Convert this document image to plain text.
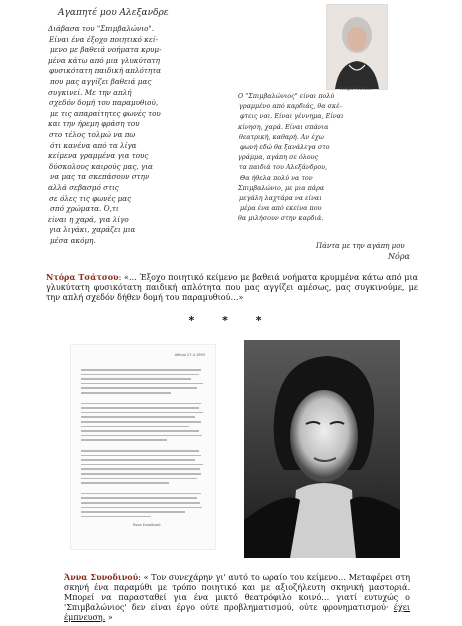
Αγαπητέ μου Αλεξανδρε
Διάβασα του "Σπιμβαλώνιο".
Είναι ένα έξοχο ποιητικό κεί-
μενο με βαθειά νοήματα κρυμ-
μένα κάτω από μια γλυκύτατη
φυσικότατη παιδική απλότητα
που μας αγγίζει βαθειά μας
συγκινεί. Με την απλή
σχεδόν δομή του παραμυθιού,
με τις απαραίτητες φωνές του
και την ήρεμη φράση του
στο τέλος τολμώ να πω
ότι κανένα από τα λίγα
κείμενα γραμμένα για τους
δύσκολους καιρούς μας, για
να μας τα σκεπάσουν στην
αλλά σεβασμό στις
σε όλες τις φωνές μας
σπό χρώματα. Ό,τι
είναι η χαρά, για λίγο
για λιγάκι, χαράζει μια
μέσα ακόμη.
Ντόρα Τσάτσου
Ο "Σπιμβαλώνιος" είναι πολύ
γραμμένο από καρδιάς, θα σκέ-
φτεις ναι. Είναι γέννημα, Είναι
κίνηση, χαρά. Είναι σπάνια
θεατρική, καθαρή. Αν έχω
φωνή εδώ θα ξανάλεγα στο
γράμμα, αγάπη σε όλους
τα παιδιά του Αλεξάνδρου,
Θα ήθελα πολύ να τον
Σπιμβαλώνιο, με μια πάρα
μεγάλη λαχτάρα να είναι
μέρα ένα από εκείνα που
θα μιλήσουν στην καρδιά.
Πάντα με την αγάπη μου
Νόρα
Ντόρα Τσάτσου: «… Έξοχο ποιητικό κείμενο με βαθειά νοήματα κρυμμένα κάτω από μια γλυκύτατη φυσικότατη παιδική απλότητα που μας αγγίζει αμέσως, μας συγκινούμε, με την απλή σχεδόν δήθεν δομή του παραμυθιού…»
* * *
Αθήνα 27-4-1993
Άννα Συνοδινού
Άννα Συνοδινού: « Τον συνεχάρην γι' αυτό το ωραίο του κείμενο… Μεταφέρει στη σκηνή ένα παραμύθι με τρόπο ποιητικό και με αξιοζήλευτη σκηνική μαστοριά. Μπορεί να παρασταθεί για ένα μικτό θεατρόφιλο κοινό… γιατί ευτυχώς ο 'Σπιμβαλώνιος' δεν είναι έργο ούτε προβληματισμού, ούτε φρονηματισμού· έχει έμπνευση. »
